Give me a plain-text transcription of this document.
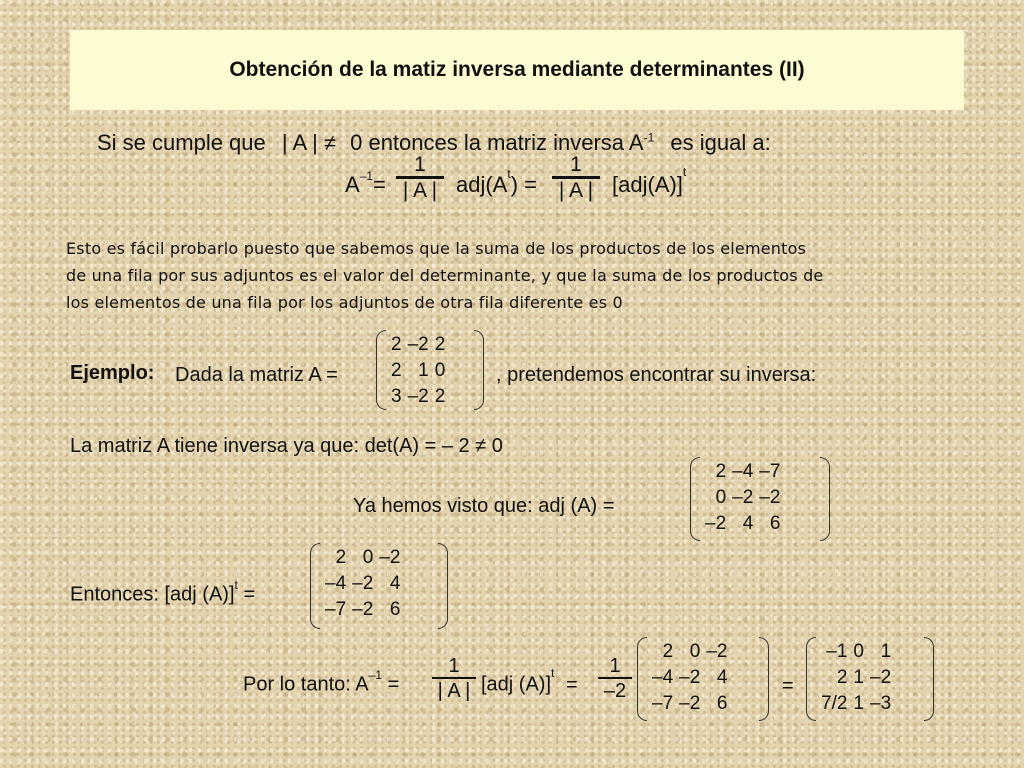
Obtención de la matiz inversa mediante determinantes (II)
Si se cumple que | A | ≠ 0 entonces la matriz inversa $A^{-1}$ es igual a:
$A^{-1}=$
1
| A | $adj(A^t)$ =
1
| A | $[adj(A)]^t$
Esto es fácil probarlo puesto que sabemos que la suma de los productos de los elementos
de una fila por sus adjuntos es el valor del determinante, y que la suma de los productos de
los elementos de una fila por los adjuntos de otra fila diferente es 0
Ejemplo: Dada la matriz A =
2	–2	2
2	1	0
3	–2	2
, pretendemos encontrar su inversa:
La matriz A tiene inversa ya que: det(A) = – 2 ≠ 0
Ya hemos visto que: adj (A) =
2	–4	–7
0	–2	–2
–2	4	6
Entonces: [adj (A)]$^t$ =
2	0	–2
–4	–2	4
–7	–2	6
Por lo tanto: $A^{-1}$ =
1
| A | [adj (A)]$^t$ =
1
–2
2	0	–2
–4	–2	4
–7	–2	6
=
–1	0	1
2	1	–2
7/2	1	–3
